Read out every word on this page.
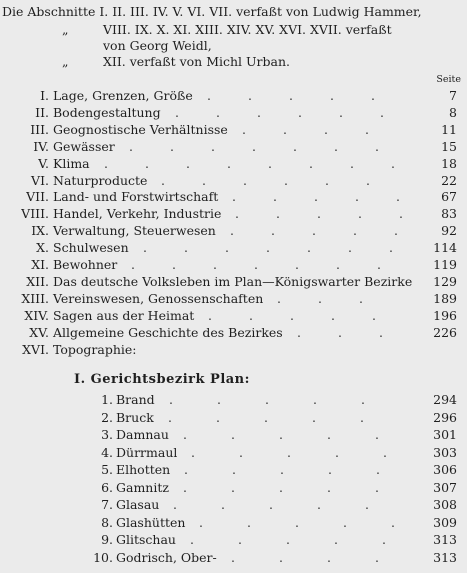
Die Abschnitte I. II. III. IV. V. VI. VII. verfaßt von Ludwig Hammer,
„	VIII. IX. X. XI. XIII. XIV. XV. XVI. XVII. verfaßt
von Georg Weidl,
„	XII. verfaßt von Michl Urban.
Seite
I. Lage, Grenzen, Größe	7
.	.	.	.	.
II. Bodengestaltung	8
.	.	.	.	.	.
III. Geognostische Verhältnisse	11
.	.	.	.
IV. Gewässer	15
.	.	.	.	.	.	.
V. Klima	18
.	.	.	.	.	.	.	.
VI. Naturproducte	22
.	.	.	.	.	.
VII. Land- und Forstwirtschaft	67
.	.	.	.	.
VIII. Handel, Verkehr, Industrie	83
.	.	.	.	.
IX. Verwaltung, Steuerwesen	92
.	.	.	.	.
X. Schulwesen	114
.	.	.	.	.	.	.
XI. Bewohner	119
.	.	.	.	.	.	.
XII. Das deutsche Volksleben im Plan—Königswarter Bezirke 129
XIII. Vereinswesen, Genossenschaften	189
.	.	.
XIV. Sagen aus der Heimat	196
.	.	.	.	.
XV. Allgemeine Geschichte des Bezirkes	226
.	.	.
XVI. Topographie:
I. Gerichtsbezirk Plan:
1. Brand	294
.	.	.	.	.
2. Bruck	296
.	.	.	.	.
3. Damnau	301
.	.	.	.	.
4. Dürrmaul	303
.	.	.	.	.
5. Elhotten	306
.	.	.	.	.
6. Gamnitz	307
.	.	.	.	.
7. Glasau	308
.	.	.	.	.
8. Glashütten	309
.	.	.	.	.
9. Glitschau	313
.	.	.	.	.
10. Godrisch, Ober-	313
.	.	.	.
